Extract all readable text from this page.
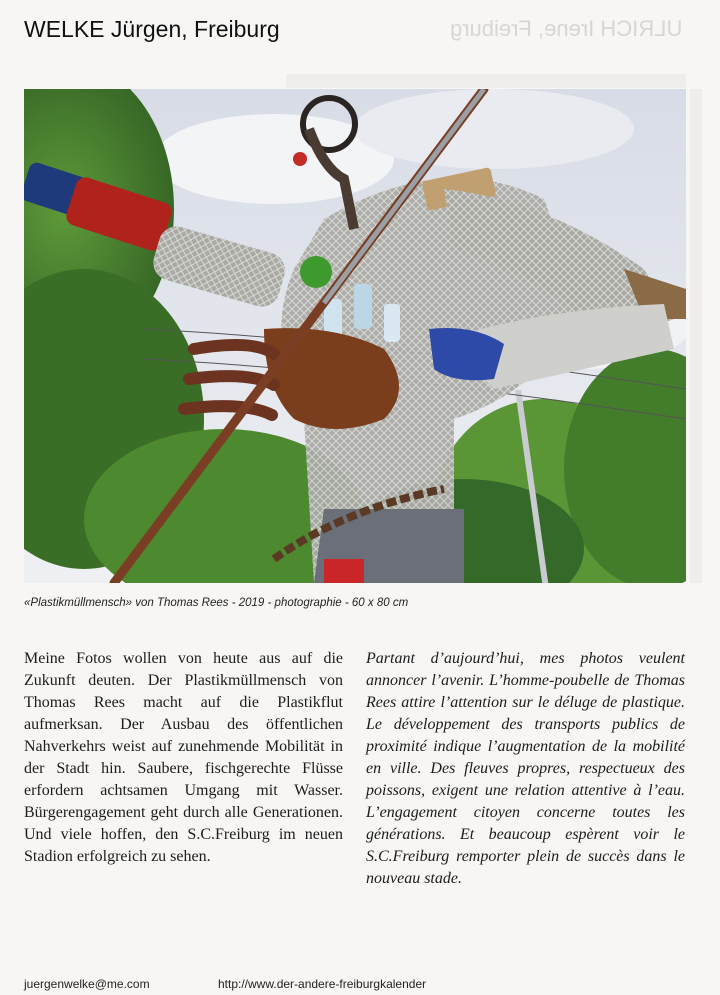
ULRICH Irene, Freiburg
WELKE Jürgen, Freiburg
«Plastikmüllmensch» von Thomas Rees - 2019 - photographie - 60 x 80 cm
Meine Fotos wollen von heute aus auf die Zukunft deuten. Der Plastikmüllmensch von Thomas Rees macht auf die Plastikflut aufmerksan. Der Ausbau des öffentlichen Nahverkehrs weist auf zunehmende Mobilität in der Stadt hin. Saubere, fischgerechte Flüsse erfordern achtsamen Umgang mit Wasser. Bürgerengagement geht durch alle Generationen. Und viele hoffen, den S.C.Freiburg im neuen Stadion erfolgreich zu sehen.
Partant d’aujourd’hui, mes photos veulent annoncer l’avenir. L’homme-poubelle de Thomas Rees attire l’attention sur le déluge de plastique. Le développement des transports publics de proximité indique l’augmentation de la mobilité en ville. Des fleuves propres, respectueux des poissons, exigent une relation attentive à l’eau. L’engagement citoyen concerne toutes les générations. Et beaucoup espèrent voir le S.C.Freiburg remporter plein de succès dans le nouveau stade.
juergenwelke@me.com	http://www.der-andere-freiburgkalender
